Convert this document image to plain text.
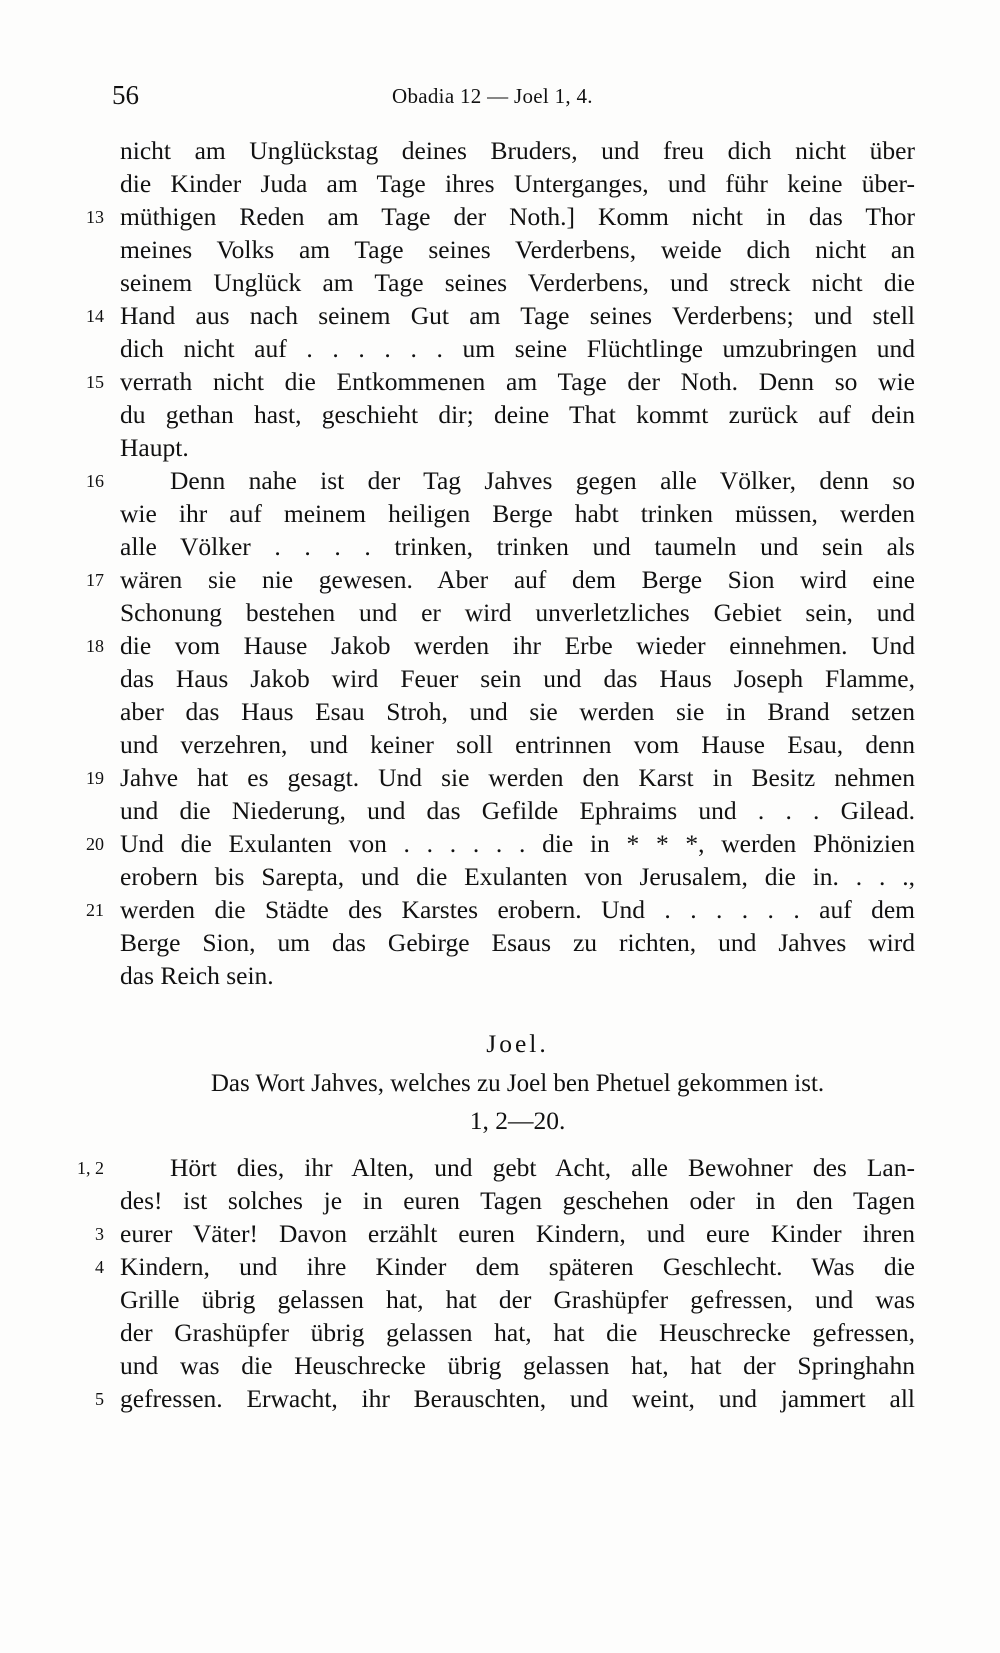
56	Obadia 12 — Joel 1, 4.
nicht am Unglückstag deines Bruders, und freu dich nicht über
die Kinder Juda am Tage ihres Unterganges, und führ keine über-
13 müthigen Reden am Tage der Noth.] Komm nicht in das Thor
meines Volks am Tage seines Verderbens, weide dich nicht an
seinem Unglück am Tage seines Verderbens, und streck nicht die
14 Hand aus nach seinem Gut am Tage seines Verderbens; und stell
dich nicht auf . . . . . . um seine Flüchtlinge umzubringen und
15 verrath nicht die Entkommenen am Tage der Noth. Denn so wie
du gethan hast, geschieht dir; deine That kommt zurück auf dein
Haupt.
16	Denn nahe ist der Tag Jahves gegen alle Völker, denn so
wie ihr auf meinem heiligen Berge habt trinken müssen, werden
alle Völker . . . . trinken, trinken und taumeln und sein als
17 wären sie nie gewesen. Aber auf dem Berge Sion wird eine
Schonung bestehen und er wird unverletzliches Gebiet sein, und
18 die vom Hause Jakob werden ihr Erbe wieder einnehmen. Und
das Haus Jakob wird Feuer sein und das Haus Joseph Flamme,
aber das Haus Esau Stroh, und sie werden sie in Brand setzen
und verzehren, und keiner soll entrinnen vom Hause Esau, denn
19 Jahve hat es gesagt. Und sie werden den Karst in Besitz nehmen
und die Niederung, und das Gefilde Ephraims und . . . Gilead.
20 Und die Exulanten von . . . . . . die in * * *, werden Phönizien
erobern bis Sarepta, und die Exulanten von Jerusalem, die in. . . .,
21 werden die Städte des Karstes erobern. Und . . . . . . auf dem
Berge Sion, um das Gebirge Esaus zu richten, und Jahves wird
das Reich sein.
Joel.
Das Wort Jahves, welches zu Joel ben Phetuel gekommen ist.
1, 2—20.
1, 2	Hört dies, ihr Alten, und gebt Acht, alle Bewohner des Lan-
des! ist solches je in euren Tagen geschehen oder in den Tagen
3 eurer Väter! Davon erzählt euren Kindern, und eure Kinder ihren
4 Kindern, und ihre Kinder dem späteren Geschlecht. Was die
Grille übrig gelassen hat, hat der Grashüpfer gefressen, und was
der Grashüpfer übrig gelassen hat, hat die Heuschrecke gefressen,
und was die Heuschrecke übrig gelassen hat, hat der Springhahn
5 gefressen. Erwacht, ihr Berauschten, und weint, und jammert all
